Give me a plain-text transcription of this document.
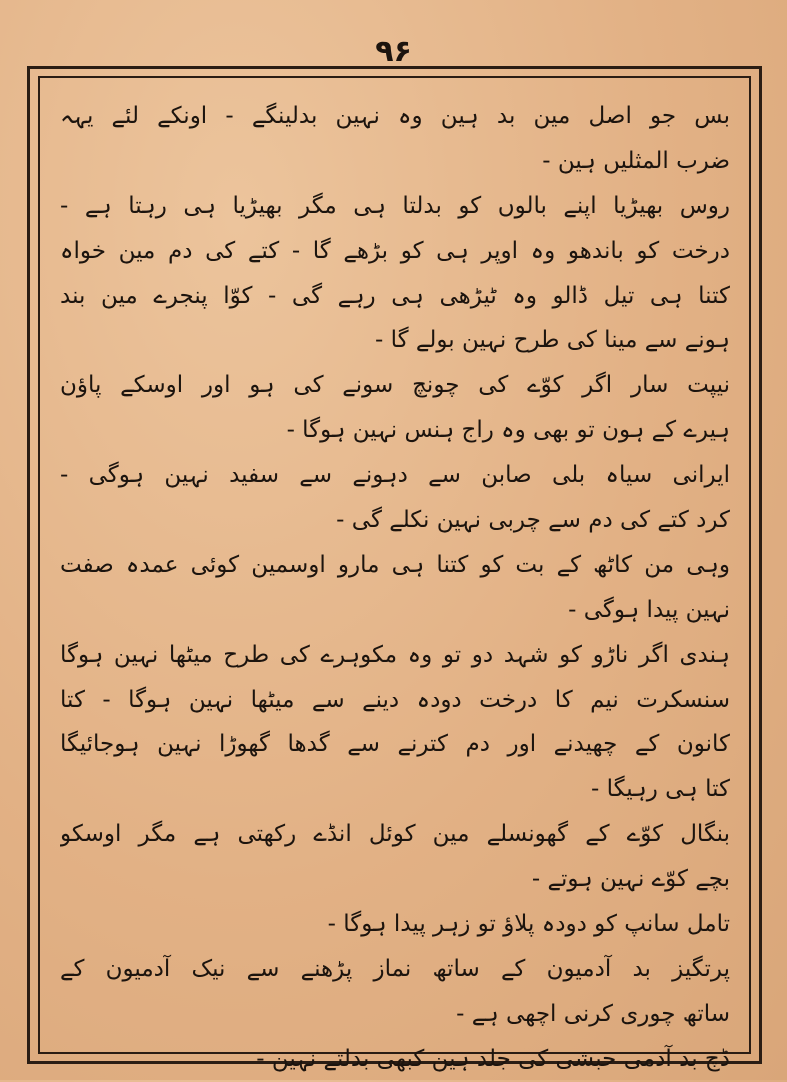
۹۶
بس جو اصل مین بد ہین وہ نہین بدلینگے - اونکے لئے یہہ
ضرب المثلیں ہین -
روس بھیڑیا اپنے بالوں کو بدلتا ہی مگر بھیڑیا ہی رہتا ہے -
درخت کو باندھو وہ اوپر ہی کو بڑھے گا - کتے کی دم مین خواہ
کتنا ہی تیل ڈالو وہ ٹیڑھی ہی رہے گی - کوّا پنجرے مین بند
ہونے سے مینا کی طرح نہین بولے گا -
نیپت سار اگر کوّے کی چونچ سونے کی ہو اور اوسکے پاؤن
ہیرے کے ہون تو بھی وہ راج ہنس نہین ہوگا -
ایرانی سیاہ بلی صابن سے دہونے سے سفید نہین ہوگی -
کرد کتے کی دم سے چربی نہین نکلے گی -
وہی من کاٹھ کے بت کو کتنا ہی مارو اوسمین کوئی عمدہ صفت
نہین پیدا ہوگی -
ہندی اگر ناڑو کو شہد دو تو وہ مکوہرے کی طرح میٹھا نہین ہوگا
سنسکرت نیم کا درخت دودہ دینے سے میٹھا نہین ہوگا - کتا
کانون کے چھیدنے اور دم کترنے سے گدھا گھوڑا نہین ہوجائیگا
کتا ہی رہیگا -
بنگال کوّے کے گھونسلے مین کوئل انڈے رکھتی ہے مگر اوسکو
بچے کوّے نہین ہوتے -
تامل سانپ کو دودہ پلاؤ تو زہر پیدا ہوگا -
پرتگیز بد آدمیون کے ساتھ نماز پڑھنے سے نیک آدمیون کے
ساتھ چوری کرنی اچھی ہے -
ڈچ بد آدمی حبشی کی جلد ہین کبھی بدلتے نہین -
